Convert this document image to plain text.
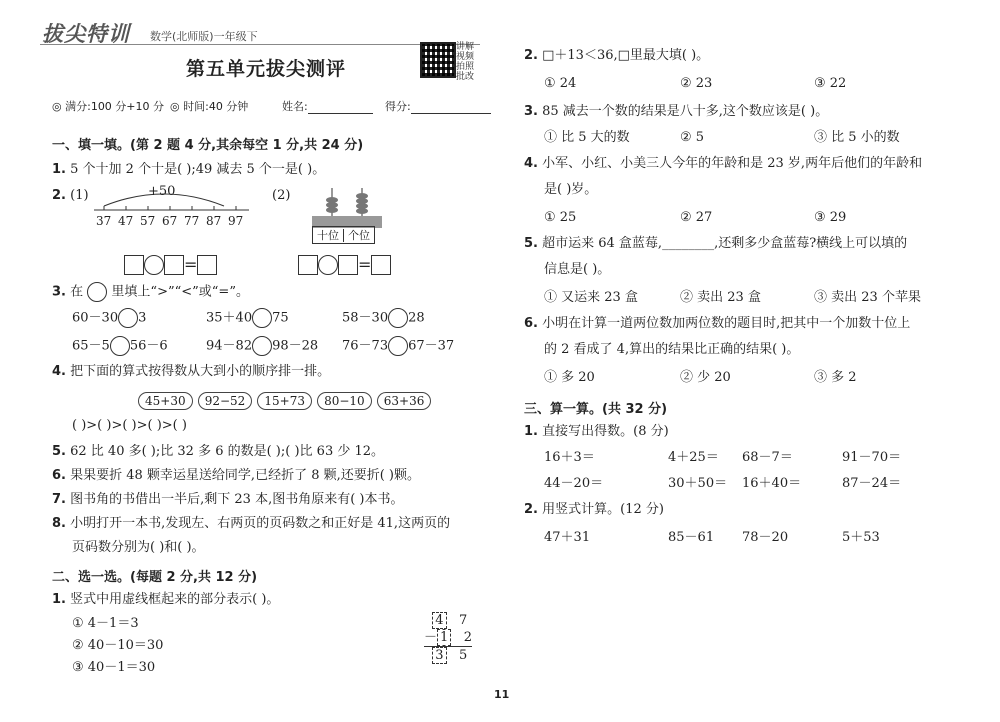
拔尖特训 数学(北师版)一年级下
讲解视频拍照批改
第五单元拔尖测评
◎ 满分:100 分+10 分 ◎ 时间:40 分钟	姓名:	得分:
一、填一填。(第 2 题 4 分,其余每空 1 分,共 24 分)
1. 5 个十加 2 个十是( );49 减去 5 个一是( )。
2. (1)	+50
37 47 57 67 77 87 97
(2)
十位 个位
=	=
3. 在 里填上“>”“<”或“=”。
60－30 3	35＋40 75	58－30 28
65－5 56－6	94－82 98－28 76－73 67－37
4. 把下面的算式按得数从大到小的顺序排一排。
45+30 92−52 15+73 80−10 63+36
( )>( )>( )>( )>( )
5. 62 比 40 多( );比 32 多 6 的数是( );( )比 63 少 12。
6. 果果要折 48 颗幸运星送给同学,已经折了 8 颗,还要折( )颗。
7. 图书角的书借出一半后,剩下 23 本,图书角原来有( )本书。
8. 小明打开一本书,发现左、右两页的页码数之和正好是 41,这两页的
页码数分别为( )和( )。
二、选一选。(每题 2 分,共 12 分)
1. 竖式中用虚线框起来的部分表示( )。
① 4－1＝3
② 40－10＝30
③ 40－1＝30
4 7
－ 1 2
3 5
2. □＋13＜36,□里最大填( )。
① 24	② 23	③ 22
3. 85 减去一个数的结果是八十多,这个数应该是( )。
① 比 5 大的数	② 5	③ 比 5 小的数
4. 小军、小红、小美三人今年的年龄和是 23 岁,两年后他们的年龄和
是( )岁。
① 25	② 27	③ 29
5. 超市运来 64 盒蓝莓,________,还剩多少盒蓝莓?横线上可以填的
信息是( )。
① 又运来 23 盒	② 卖出 23 盒	③ 卖出 23 个苹果
6. 小明在计算一道两位数加两位数的题目时,把其中一个加数十位上
的 2 看成了 4,算出的结果比正确的结果( )。
① 多 20	② 少 20	③ 多 2
三、算一算。(共 32 分)
1. 直接写出得数。(8 分)
16＋3＝	4＋25＝ 68－7＝	91－70＝
44－20＝	30＋50＝ 16＋40＝	87－24＝
2. 用竖式计算。(12 分)
47＋31	85－61 78－20	5＋53
11
